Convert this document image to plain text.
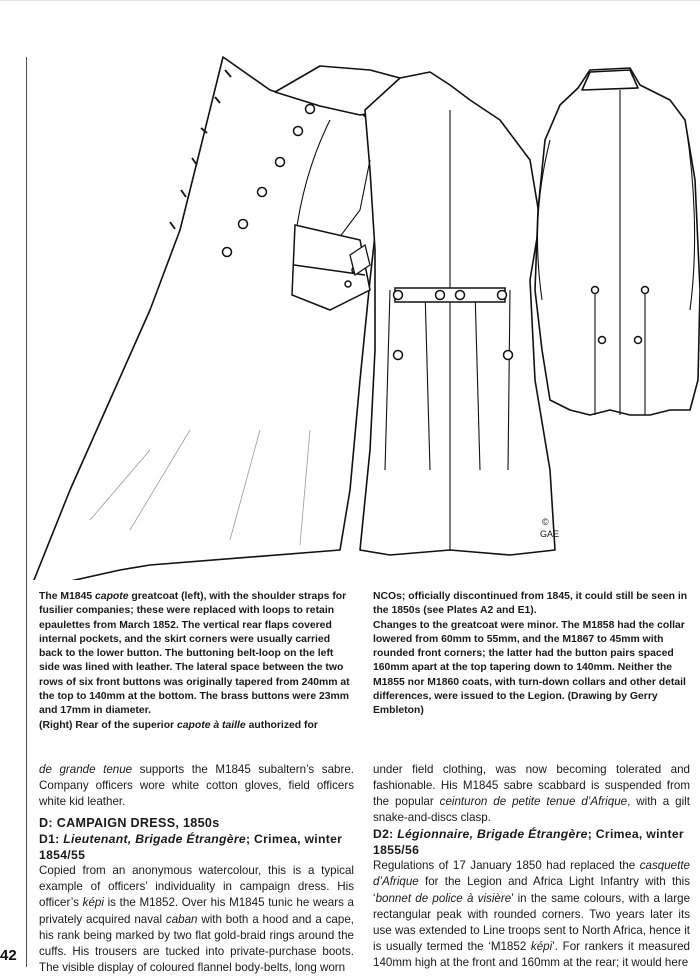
©
GAE

The M1845 capote greatcoat (left), with the shoulder straps for fusilier companies; these were replaced with loops to retain epaulettes from March 1852. The vertical rear flaps covered internal pockets, and the skirt corners were usually carried back to the lower button. The buttoning belt-loop on the left side was lined with leather. The lateral space between the two rows of six front buttons was originally tapered from 240mm at the top to 140mm at the bottom. The brass buttons were 23mm and 17mm in diameter.

(Right) Rear of the superior capote à taille authorized for

NCOs; officially discontinued from 1845, it could still be seen in the 1850s (see Plates A2 and E1).

Changes to the greatcoat were minor. The M1858 had the collar lowered from 60mm to 55mm, and the M1867 to 45mm with rounded front corners; the latter had the button pairs spaced 160mm apart at the top tapering down to 140mm. Neither the M1855 nor M1860 coats, with turn-down collars and other detail differences, were issued to the Legion. (Drawing by Gerry Embleton)

de grande tenue supports the M1845 subaltern’s sabre. Company officers wore white cotton gloves, field officers white kid leather.

D: CAMPAIGN DRESS, 1850s

D1: Lieutenant, Brigade Étrangère; Crimea, winter 1854/55

Copied from an anonymous watercolour, this is a typical example of officers’ individuality in campaign dress. His officer’s képi is the M1852. Over his M1845 tunic he wears a privately acquired naval caban with both a hood and a cape, his rank being marked by two flat gold-braid rings around the cuffs. His trousers are tucked into private-purchase boots. The visible display of coloured flannel body-belts, long worn

under field clothing, was now becoming tolerated and fashionable. His M1845 sabre scabbard is suspended from the popular ceinturon de petite tenue d’Afrique, with a gilt snake-and-discs clasp.

D2: Légionnaire, Brigade Étrangère; Crimea, winter 1855/56

Regulations of 17 January 1850 had replaced the casquette d’Afrique for the Legion and Africa Light Infantry with this ‘bonnet de police à visière’ in the same colours, with a large rectangular peak with rounded corners. Two years later its use was extended to Line troops sent to North Africa, hence it is usually termed the ‘M1852 képi’. For rankers it measured 140mm high at the front and 160mm at the rear; it would here

42
